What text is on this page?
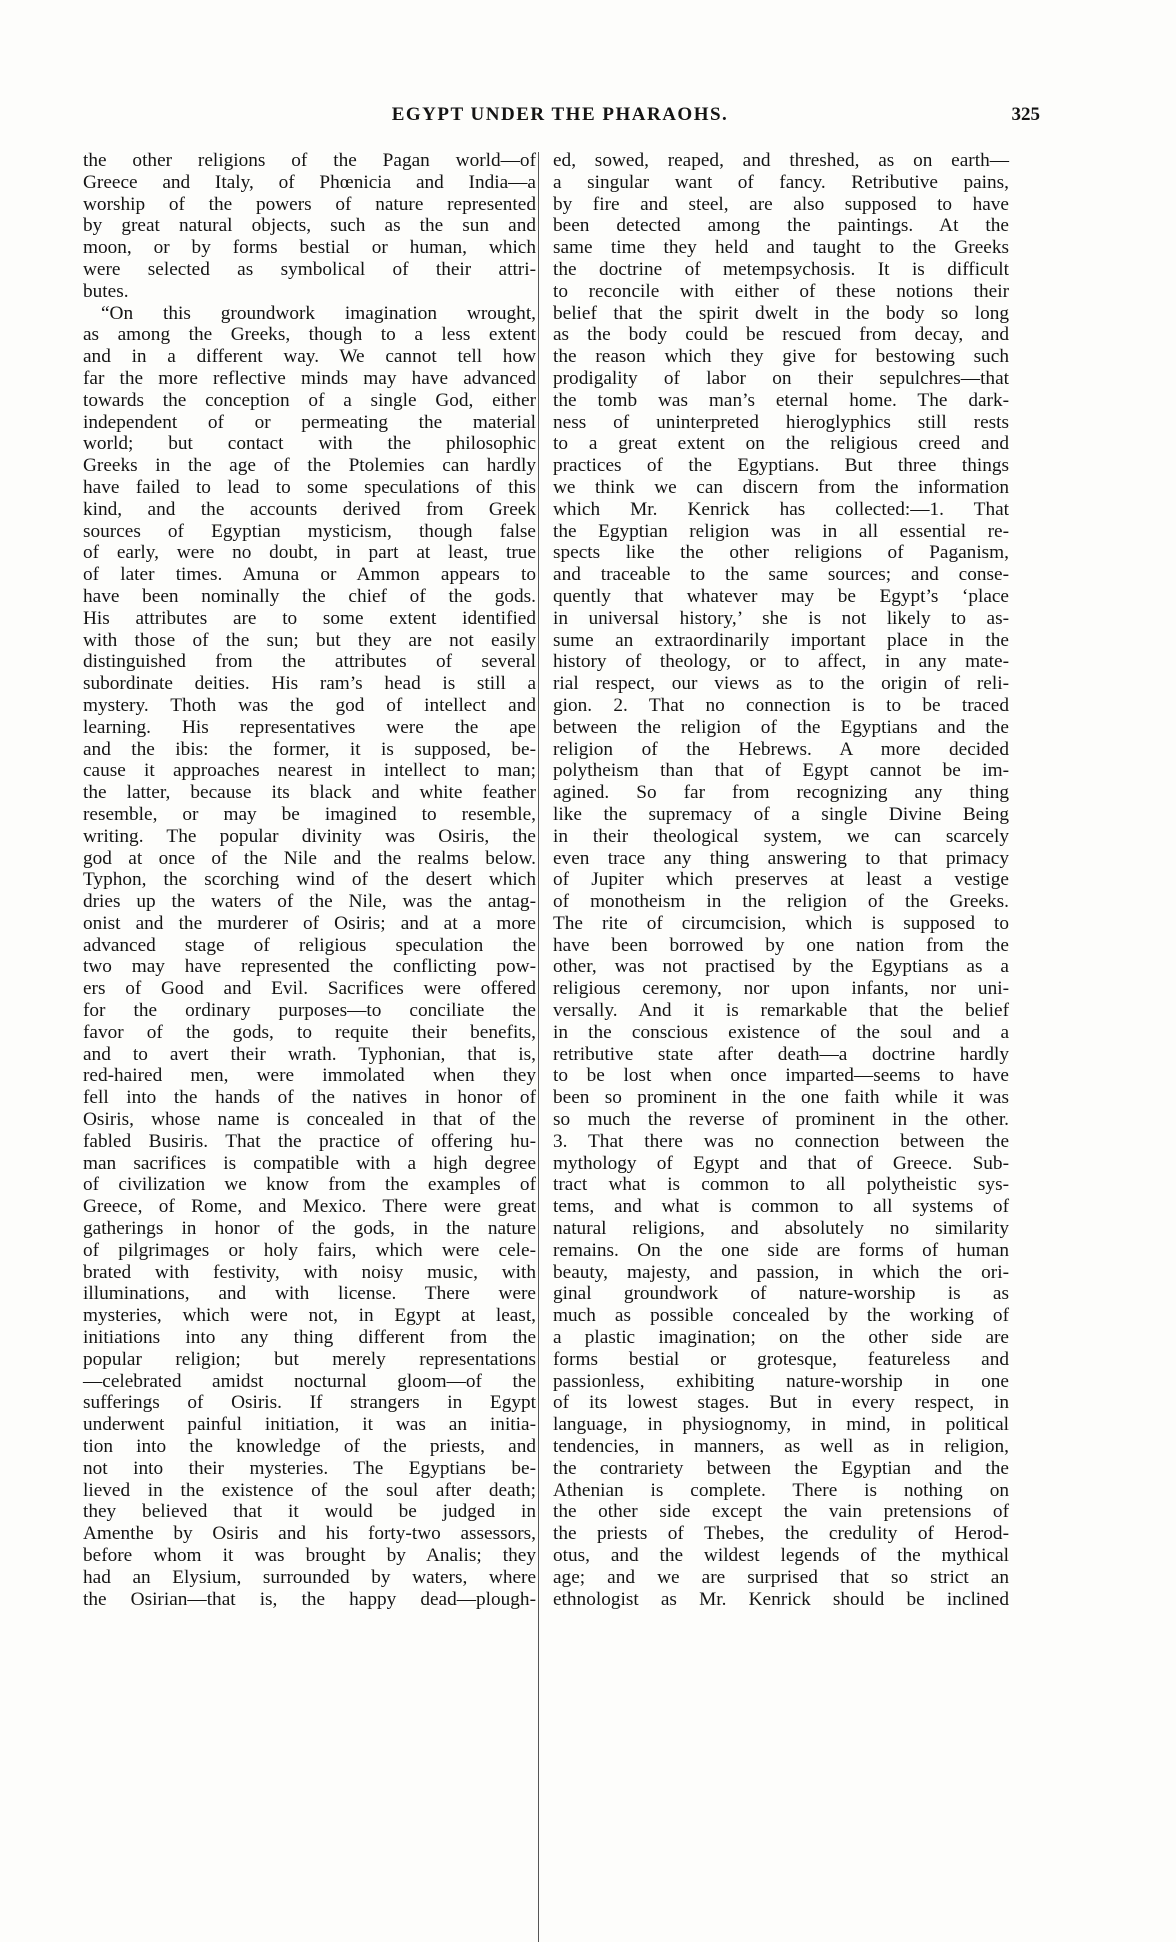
EGYPT UNDER THE PHARAOHS.	325
the other religions of the Pagan world—of
Greece and Italy, of Phœnicia and India—a
worship of the powers of nature represented
by great natural objects, such as the sun and
moon, or by forms bestial or human, which
were selected as symbolical of their attri-
butes.
“On this groundwork imagination wrought,
as among the Greeks, though to a less extent
and in a different way. We cannot tell how
far the more reflective minds may have advanced
towards the conception of a single God, either
independent of or permeating the material
world; but contact with the philosophic
Greeks in the age of the Ptolemies can hardly
have failed to lead to some speculations of this
kind, and the accounts derived from Greek
sources of Egyptian mysticism, though false
of early, were no doubt, in part at least, true
of later times. Amuna or Ammon appears to
have been nominally the chief of the gods.
His attributes are to some extent identified
with those of the sun; but they are not easily
distinguished from the attributes of several
subordinate deities. His ram’s head is still a
mystery. Thoth was the god of intellect and
learning. His representatives were the ape
and the ibis: the former, it is supposed, be-
cause it approaches nearest in intellect to man;
the latter, because its black and white feather
resemble, or may be imagined to resemble,
writing. The popular divinity was Osiris, the
god at once of the Nile and the realms below.
Typhon, the scorching wind of the desert which
dries up the waters of the Nile, was the antag-
onist and the murderer of Osiris; and at a more
advanced stage of religious speculation the
two may have represented the conflicting pow-
ers of Good and Evil. Sacrifices were offered
for the ordinary purposes—to conciliate the
favor of the gods, to requite their benefits,
and to avert their wrath. Typhonian, that is,
red-haired men, were immolated when they
fell into the hands of the natives in honor of
Osiris, whose name is concealed in that of the
fabled Busiris. That the practice of offering hu-
man sacrifices is compatible with a high degree
of civilization we know from the examples of
Greece, of Rome, and Mexico. There were great
gatherings in honor of the gods, in the nature
of pilgrimages or holy fairs, which were cele-
brated with festivity, with noisy music, with
illuminations, and with license. There were
mysteries, which were not, in Egypt at least,
initiations into any thing different from the
popular religion; but merely representations
—celebrated amidst nocturnal gloom—of the
sufferings of Osiris. If strangers in Egypt
underwent painful initiation, it was an initia-
tion into the knowledge of the priests, and
not into their mysteries. The Egyptians be-
lieved in the existence of the soul after death;
they believed that it would be judged in
Amenthe by Osiris and his forty-two assessors,
before whom it was brought by Analis; they
had an Elysium, surrounded by waters, where
the Osirian—that is, the happy dead—plough-
ed, sowed, reaped, and threshed, as on earth—
a singular want of fancy. Retributive pains,
by fire and steel, are also supposed to have
been detected among the paintings. At the
same time they held and taught to the Greeks
the doctrine of metempsychosis. It is difficult
to reconcile with either of these notions their
belief that the spirit dwelt in the body so long
as the body could be rescued from decay, and
the reason which they give for bestowing such
prodigality of labor on their sepulchres—that
the tomb was man’s eternal home. The dark-
ness of uninterpreted hieroglyphics still rests
to a great extent on the religious creed and
practices of the Egyptians. But three things
we think we can discern from the information
which Mr. Kenrick has collected:—1. That
the Egyptian religion was in all essential re-
spects like the other religions of Paganism,
and traceable to the same sources; and conse-
quently that whatever may be Egypt’s ‘place
in universal history,’ she is not likely to as-
sume an extraordinarily important place in the
history of theology, or to affect, in any mate-
rial respect, our views as to the origin of reli-
gion. 2. That no connection is to be traced
between the religion of the Egyptians and the
religion of the Hebrews. A more decided
polytheism than that of Egypt cannot be im-
agined. So far from recognizing any thing
like the supremacy of a single Divine Being
in their theological system, we can scarcely
even trace any thing answering to that primacy
of Jupiter which preserves at least a vestige
of monotheism in the religion of the Greeks.
The rite of circumcision, which is supposed to
have been borrowed by one nation from the
other, was not practised by the Egyptians as a
religious ceremony, nor upon infants, nor uni-
versally. And it is remarkable that the belief
in the conscious existence of the soul and a
retributive state after death—a doctrine hardly
to be lost when once imparted—seems to have
been so prominent in the one faith while it was
so much the reverse of prominent in the other.
3. That there was no connection between the
mythology of Egypt and that of Greece. Sub-
tract what is common to all polytheistic sys-
tems, and what is common to all systems of
natural religions, and absolutely no similarity
remains. On the one side are forms of human
beauty, majesty, and passion, in which the ori-
ginal groundwork of nature-worship is as
much as possible concealed by the working of
a plastic imagination; on the other side are
forms bestial or grotesque, featureless and
passionless, exhibiting nature-worship in one
of its lowest stages. But in every respect, in
language, in physiognomy, in mind, in political
tendencies, in manners, as well as in religion,
the contrariety between the Egyptian and the
Athenian is complete. There is nothing on
the other side except the vain pretensions of
the priests of Thebes, the credulity of Herod-
otus, and the wildest legends of the mythical
age; and we are surprised that so strict an
ethnologist as Mr. Kenrick should be inclined
